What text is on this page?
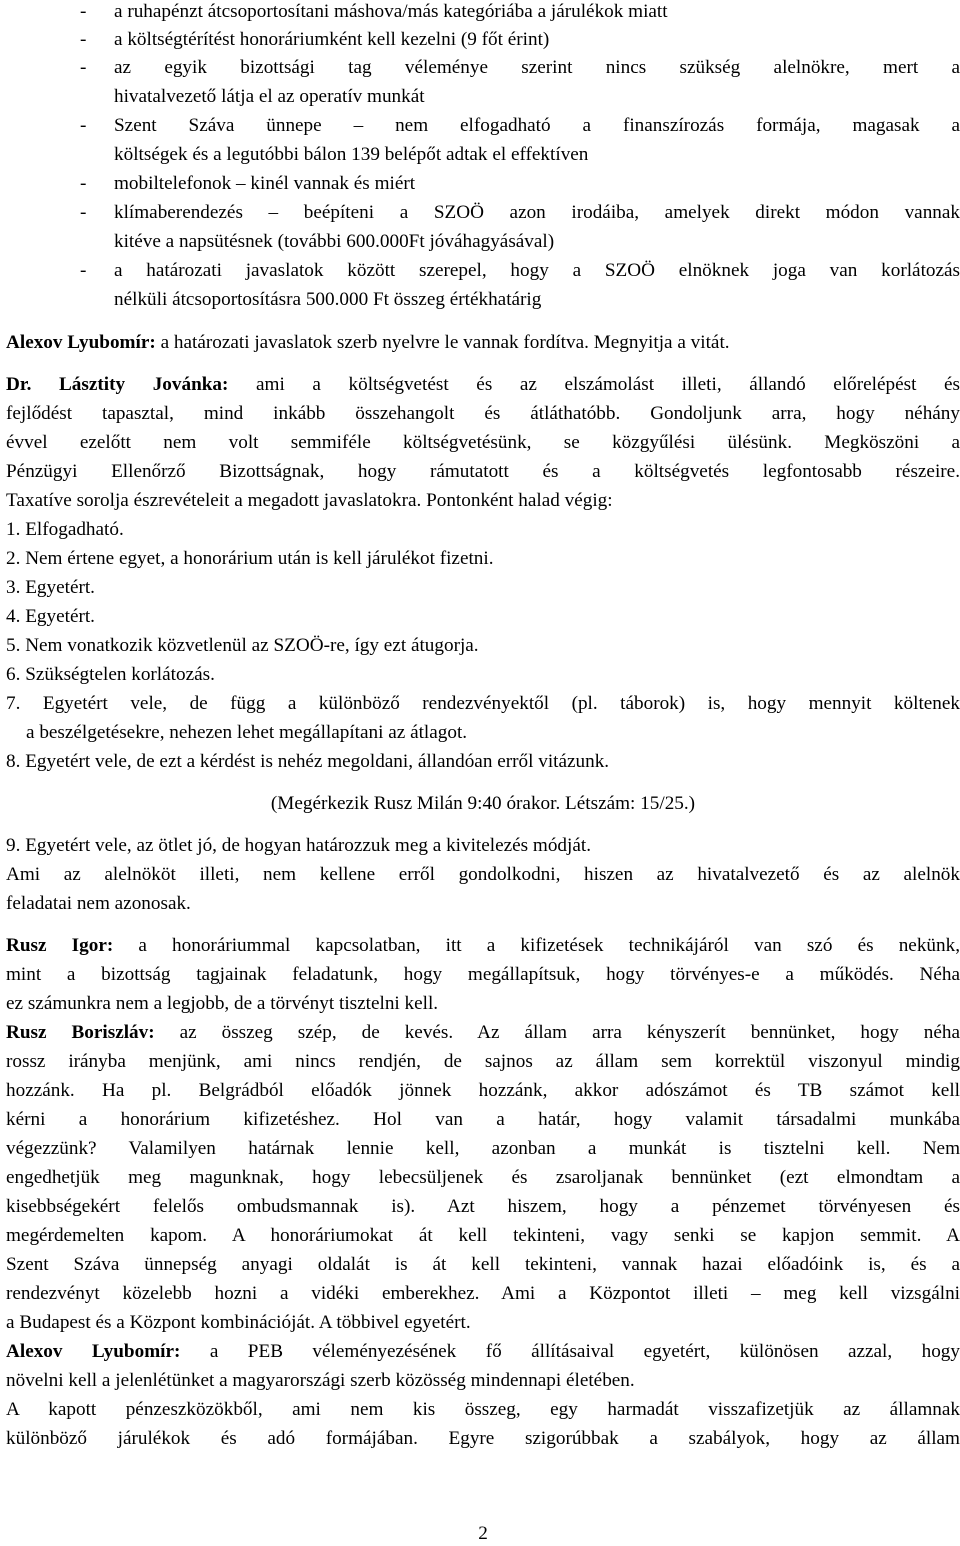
-	a ruhapénzt átcsoportosítani máshova/más kategóriába a járulékok miatt
-	a költségtérítést honoráriumként kell kezelni (9 főt érint)
-	az egyik bizottsági tag véleménye szerint nincs szükség alelnökre, mert a
hivatalvezető látja el az operatív munkát
-	Szent Száva ünnepe – nem elfogadható a finanszírozás formája, magasak a
költségek és a legutóbbi bálon 139 belépőt adtak el effektíven
-	mobiltelefonok – kinél vannak és miért
-	klímaberendezés – beépíteni a SZOÖ azon irodáiba, amelyek direkt módon vannak
kitéve a napsütésnek (további 600.000Ft jóváhagyásával)
-	a határozati javaslatok között szerepel, hogy a SZOÖ elnöknek joga van korlátozás
nélküli átcsoportosításra 500.000 Ft összeg értékhatárig
Alexov Lyubomír: a határozati javaslatok szerb nyelvre le vannak fordítva. Megnyitja a vitát.
Dr. Lásztity Jovánka: ami a költségvetést és az elszámolást illeti, állandó előrelépést és
fejlődést tapasztal, mind inkább összehangolt és átláthatóbb. Gondoljunk arra, hogy néhány
évvel ezelőtt nem volt semmiféle költségvetésünk, se közgyűlési ülésünk. Megköszöni a
Pénzügyi Ellenőrző Bizottságnak, hogy rámutatott és a költségvetés legfontosabb részeire.
Taxatíve sorolja észrevételeit a megadott javaslatokra. Pontonként halad végig:
1. Elfogadható.
2. Nem értene egyet, a honorárium után is kell járulékot fizetni.
3. Egyetért.
4. Egyetért.
5. Nem vonatkozik közvetlenül az SZOÖ-re, így ezt átugorja.
6. Szükségtelen korlátozás.
7. Egyetért vele, de függ a különböző rendezvényektől (pl. táborok) is, hogy mennyit költenek
a beszélgetésekre, nehezen lehet megállapítani az átlagot.
8. Egyetért vele, de ezt a kérdést is nehéz megoldani, állandóan erről vitázunk.
(Megérkezik Rusz Milán 9:40 órakor. Létszám: 15/25.)
9. Egyetért vele, az ötlet jó, de hogyan határozzuk meg a kivitelezés módját.
Ami az alelnököt illeti, nem kellene erről gondolkodni, hiszen az hivatalvezető és az alelnök
feladatai nem azonosak.
Rusz Igor: a honoráriummal kapcsolatban, itt a kifizetések technikájáról van szó és nekünk,
mint a bizottság tagjainak feladatunk, hogy megállapítsuk, hogy törvényes-e a működés. Néha
ez számunkra nem a legjobb, de a törvényt tisztelni kell.
Rusz Boriszláv: az összeg szép, de kevés. Az állam arra kényszerít bennünket, hogy néha
rossz irányba menjünk, ami nincs rendjén, de sajnos az állam sem korrektül viszonyul mindig
hozzánk. Ha pl. Belgrádból előadók jönnek hozzánk, akkor adószámot és TB számot kell
kérni a honorárium kifizetéshez. Hol van a határ, hogy valamit társadalmi munkába
végezzünk? Valamilyen határnak lennie kell, azonban a munkát is tisztelni kell. Nem
engedhetjük meg magunknak, hogy lebecsüljenek és zsaroljanak bennünket (ezt elmondtam a
kisebbségekért felelős ombudsmannak is). Azt hiszem, hogy a pénzemet törvényesen és
megérdemelten kapom. A honoráriumokat át kell tekinteni, vagy senki se kapjon semmit. A
Szent Száva ünnepség anyagi oldalát is át kell tekinteni, vannak hazai előadóink is, és a
rendezvényt közelebb hozni a vidéki emberekhez. Ami a Központot illeti – meg kell vizsgálni
a Budapest és a Központ kombinációját. A többivel egyetért.
Alexov Lyubomír: a PEB véleményezésének fő állításaival egyetért, különösen azzal, hogy
növelni kell a jelenlétünket a magyarországi szerb közösség mindennapi életében.
A kapott pénzeszközökből, ami nem kis összeg, egy harmadát visszafizetjük az államnak
különböző járulékok és adó formájában. Egyre szigorúbbak a szabályok, hogy az állam
2
